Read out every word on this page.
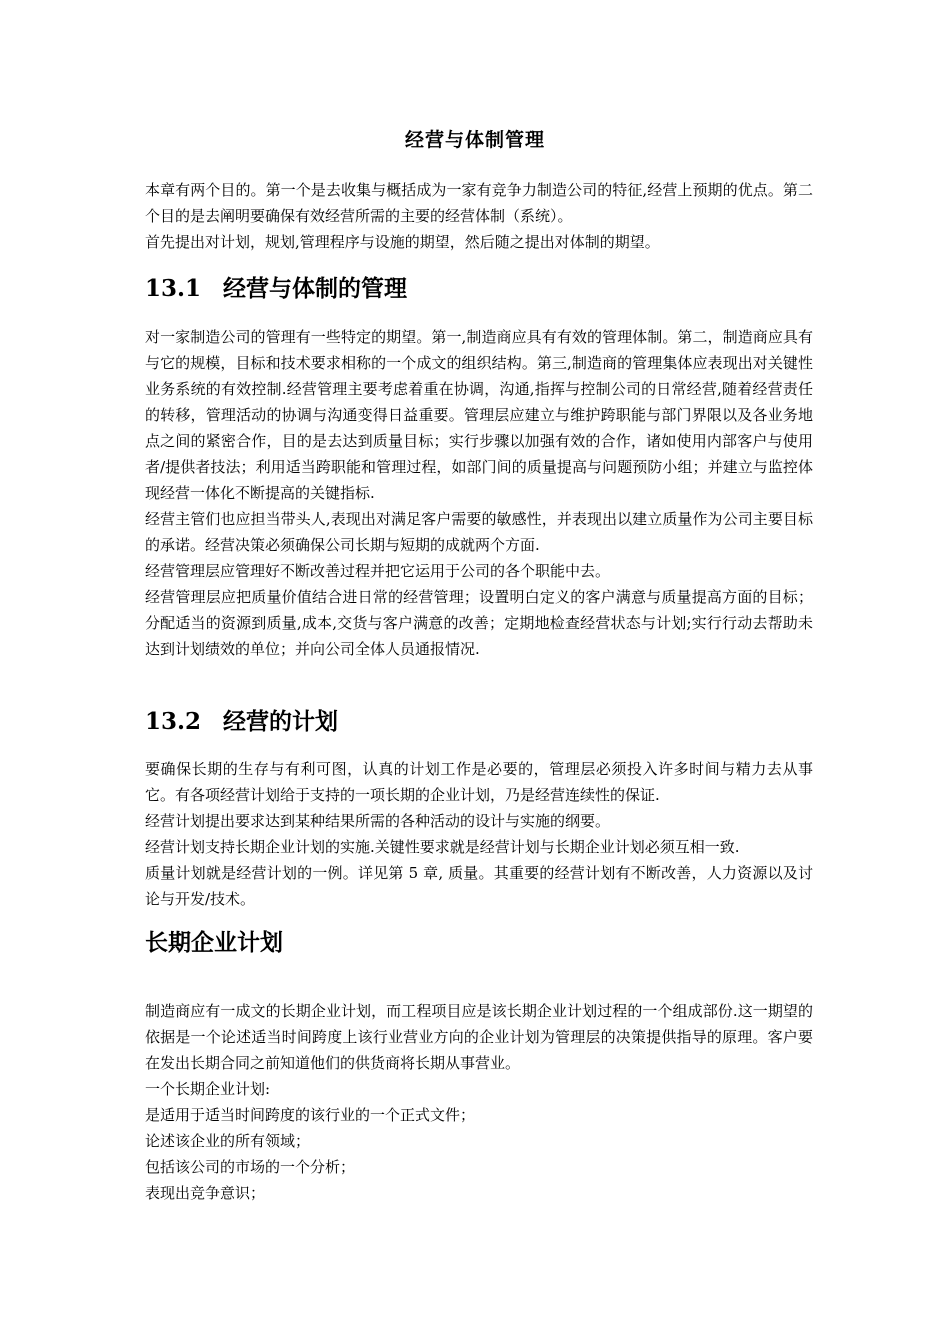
经营与体制管理

本章有两个目的。第一个是去收集与概括成为一家有竞争力制造公司的特征,经营上预期的优点。第二个目的是去阐明要确保有效经营所需的主要的经营体制（系统）。

首先提出对计划，规划,管理程序与设施的期望，然后随之提出对体制的期望。

13.1 经营与体制的管理

对一家制造公司的管理有一些特定的期望。第一,制造商应具有有效的管理体制。第二，制造商应具有与它的规模，目标和技术要求相称的一个成文的组织结构。第三,制造商的管理集体应表现出对关键性业务系统的有效控制.经营管理主要考虑着重在协调，沟通,指挥与控制公司的日常经营,随着经营责任的转移，管理活动的协调与沟通变得日益重要。管理层应建立与维护跨职能与部门界限以及各业务地点之间的紧密合作，目的是去达到质量目标；实行步骤以加强有效的合作，诸如使用内部客户与使用者/提供者技法；利用适当跨职能和管理过程，如部门间的质量提高与问题预防小组；并建立与监控体现经营一体化不断提高的关键指标.

经营主管们也应担当带头人,表现出对满足客户需要的敏感性，并表现出以建立质量作为公司主要目标的承诺。经营决策必须确保公司长期与短期的成就两个方面.

经营管理层应管理好不断改善过程并把它运用于公司的各个职能中去。

经营管理层应把质量价值结合进日常的经营管理；设置明白定义的客户满意与质量提高方面的目标；分配适当的资源到质量,成本,交货与客户满意的改善；定期地检查经营状态与计划;实行行动去帮助未达到计划绩效的单位；并向公司全体人员通报情况.

13.2 经营的计划

要确保长期的生存与有利可图，认真的计划工作是必要的，管理层必须投入许多时间与精力去从事它。有各项经营计划给于支持的一项长期的企业计划，乃是经营连续性的保证.

经营计划提出要求达到某种结果所需的各种活动的设计与实施的纲要。

经营计划支持长期企业计划的实施.关键性要求就是经营计划与长期企业计划必须互相一致.

质量计划就是经营计划的一例。详见第 5 章, 质量。其重要的经营计划有不断改善，人力资源以及讨论与开发/技术。

长期企业计划

制造商应有一成文的长期企业计划，而工程项目应是该长期企业计划过程的一个组成部份.这一期望的依据是一个论述适当时间跨度上该行业营业方向的企业计划为管理层的决策提供指导的原理。客户要在发出长期合同之前知道他们的供货商将长期从事营业。

一个长期企业计划:

是适用于适当时间跨度的该行业的一个正式文件；

论述该企业的所有领域；

包括该公司的市场的一个分析；

表现出竞争意识；
